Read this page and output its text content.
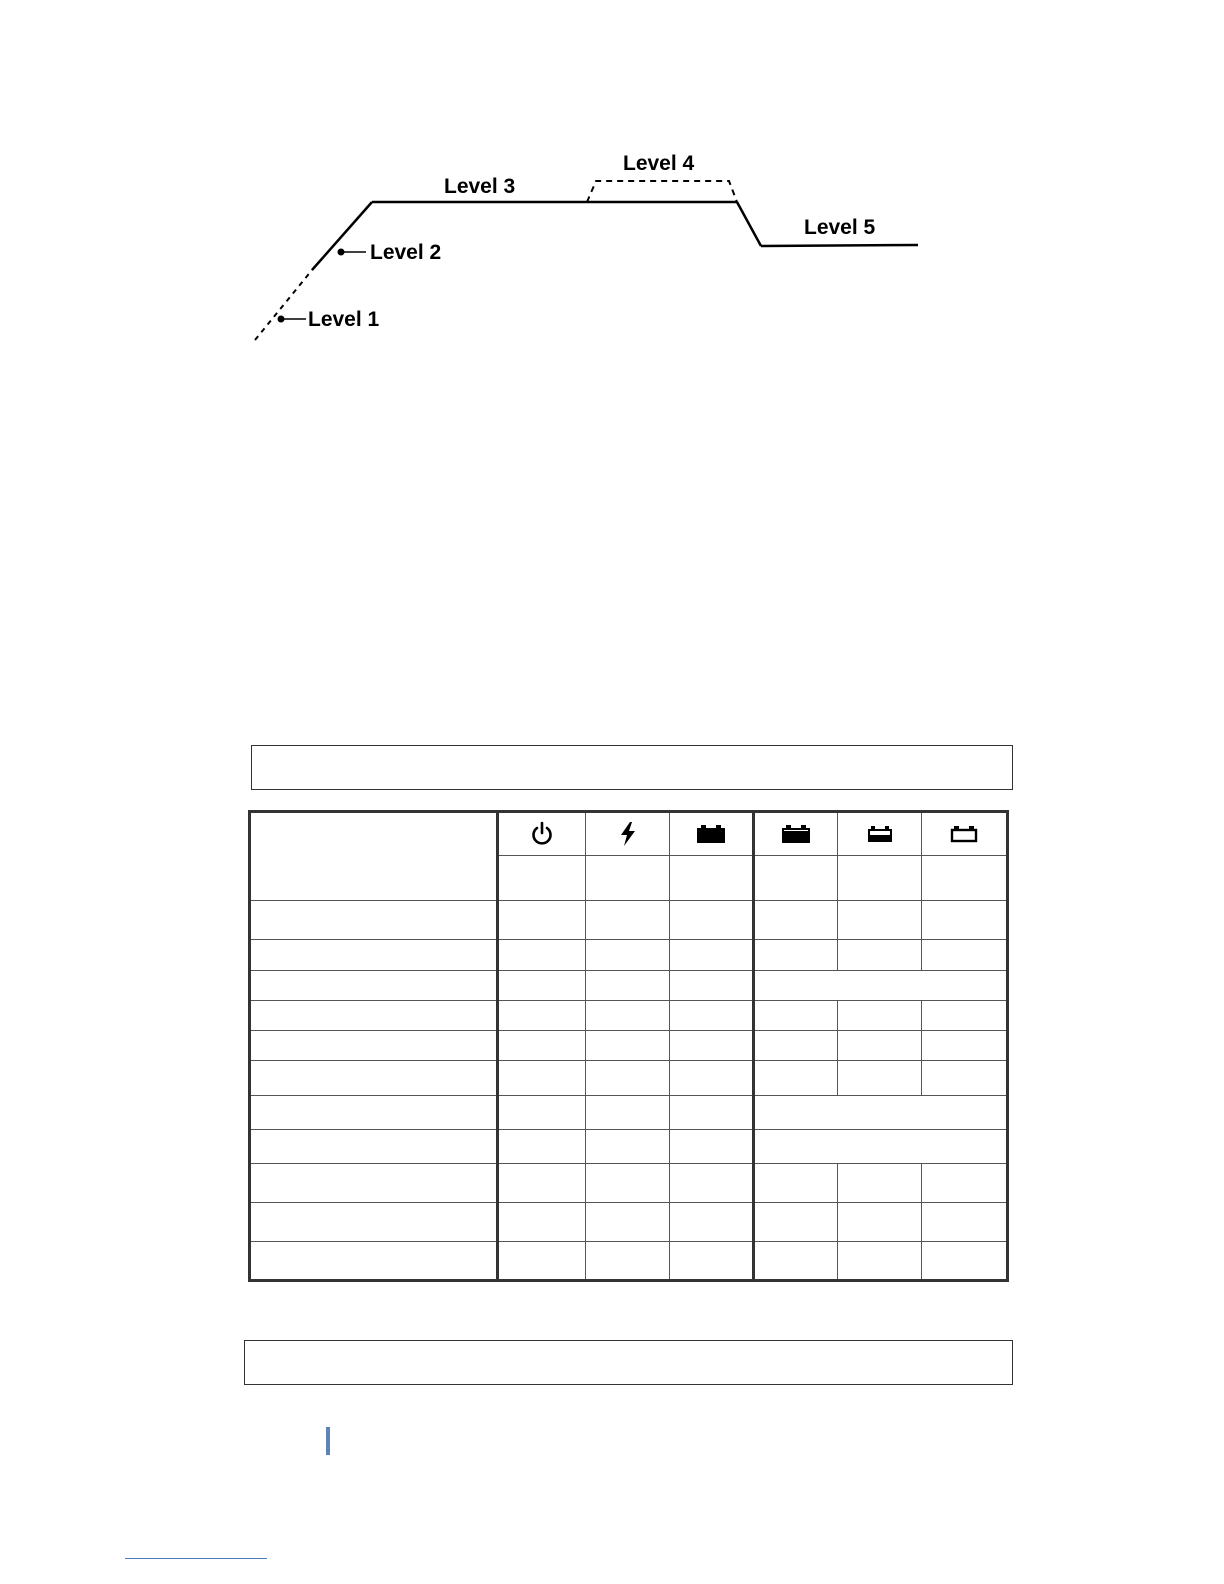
Level 1
Level 2
Level 3
Level 4
Level 5
